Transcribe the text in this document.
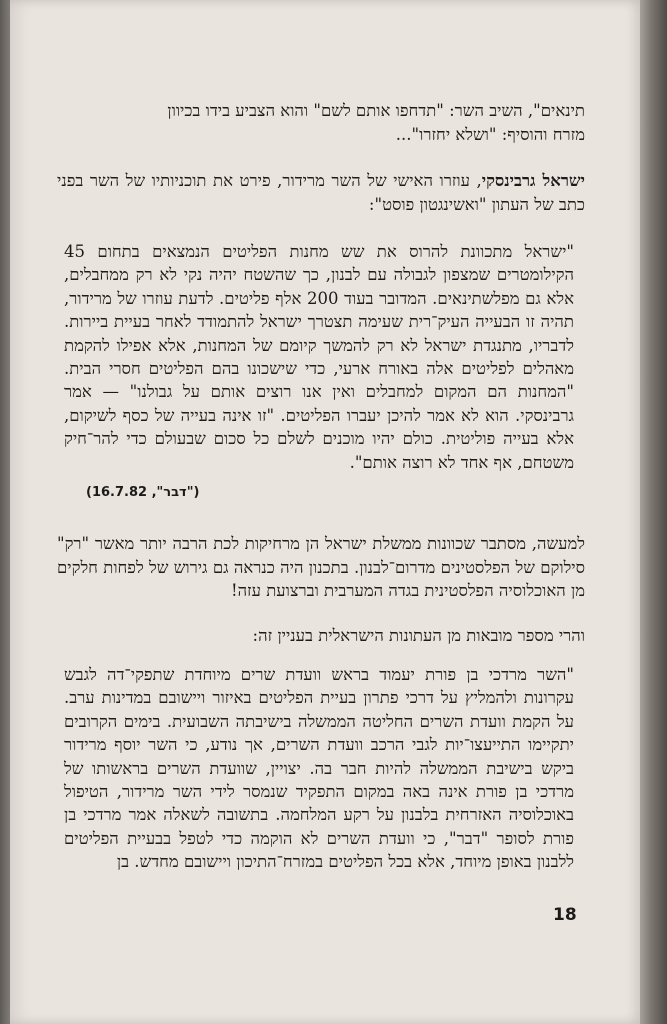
תינאים", השיב השר: "תדחפו אותם לשם" והוא הצביע בידו בכיוון

מזרח והוסיף: "ושלא יחזרו"...

ישראל גרבינסקי, עוזרו האישי של השר מרידור, פירט את תוכניותיו של השר בפני כתב של העתון "ואשינגטון פוסט":

"ישראל מתכוונת להרוס את שש מחנות הפליטים הנמצאים בתחום 45 הקילומטרים שמצפון לגבולה עם לבנון, כך שהשטח יהיה נקי לא רק ממחבלים, אלא גם מפלשתינאים. המדובר בעוד 200 אלף פליטים. לדעת עוזרו של מרידור, תהיה זו הבעייה העיק־רית שעימה תצטרך ישראל להתמודד לאחר בעיית ביירות. לדבריו, מתנגדת ישראל לא רק להמשך קיומם של המחנות, אלא אפילו להקמת מאהלים לפליטים אלה באורח ארעי, כדי שישכונו בהם הפליטים חסרי הבית. "המחנות הם המקום למחבלים ואין אנו רוצים אותם על גבולנו" — אמר גרבינסקי. הוא לא אמר להיכן יעברו הפליטים. "זו אינה בעייה של כסף לשיקום, אלא בעייה פוליטית. כולם יהיו מוכנים לשלם כל סכום שבעולם כדי להר־חיק משטחם, אף אחד לא רוצה אותם".

("דבר", 16.7.82)

למעשה, מסתבר שכוונות ממשלת ישראל הן מרחיקות לכת הרבה יותר מאשר "רק" סילוקם של הפלסטינים מדרום־לבנון. בתכנון היה כנראה גם גירוש של לפחות חלקים מן האוכלוסיה הפלסטינית בגדה המערבית וברצועת עזה!

והרי מספר מובאות מן העתונות הישראלית בעניין זה:

"השר מרדכי בן פורת יעמוד בראש וועדת שרים מיוחדת שתפקי־דה לגבש עקרונות ולהמליץ על דרכי פתרון בעיית הפליטים באיזור ויישובם במדינות ערב. על הקמת וועדת השרים החליטה הממשלה בישיבתה השבועית. בימים הקרובים יתקיימו התייעצו־יות לגבי הרכב וועדת השרים, אך נודע, כי השר יוסף מרידור ביקש בישיבת הממשלה להיות חבר בה. יצויין, שוועדת השרים בראשותו של מרדכי בן פורת אינה באה במקום התפקיד שנמסר לידי השר מרידור, הטיפול באוכלוסיה האזרחית בלבנון על רקע המלחמה. בתשובה לשאלה אמר מרדכי בן פורת לסופר "דבר", כי וועדת השרים לא הוקמה כדי לטפל בבעיית הפליטים ללבנון באופן מיוחד, אלא בכל הפליטים במזרח־התיכון ויישובם מחדש. בן

18
